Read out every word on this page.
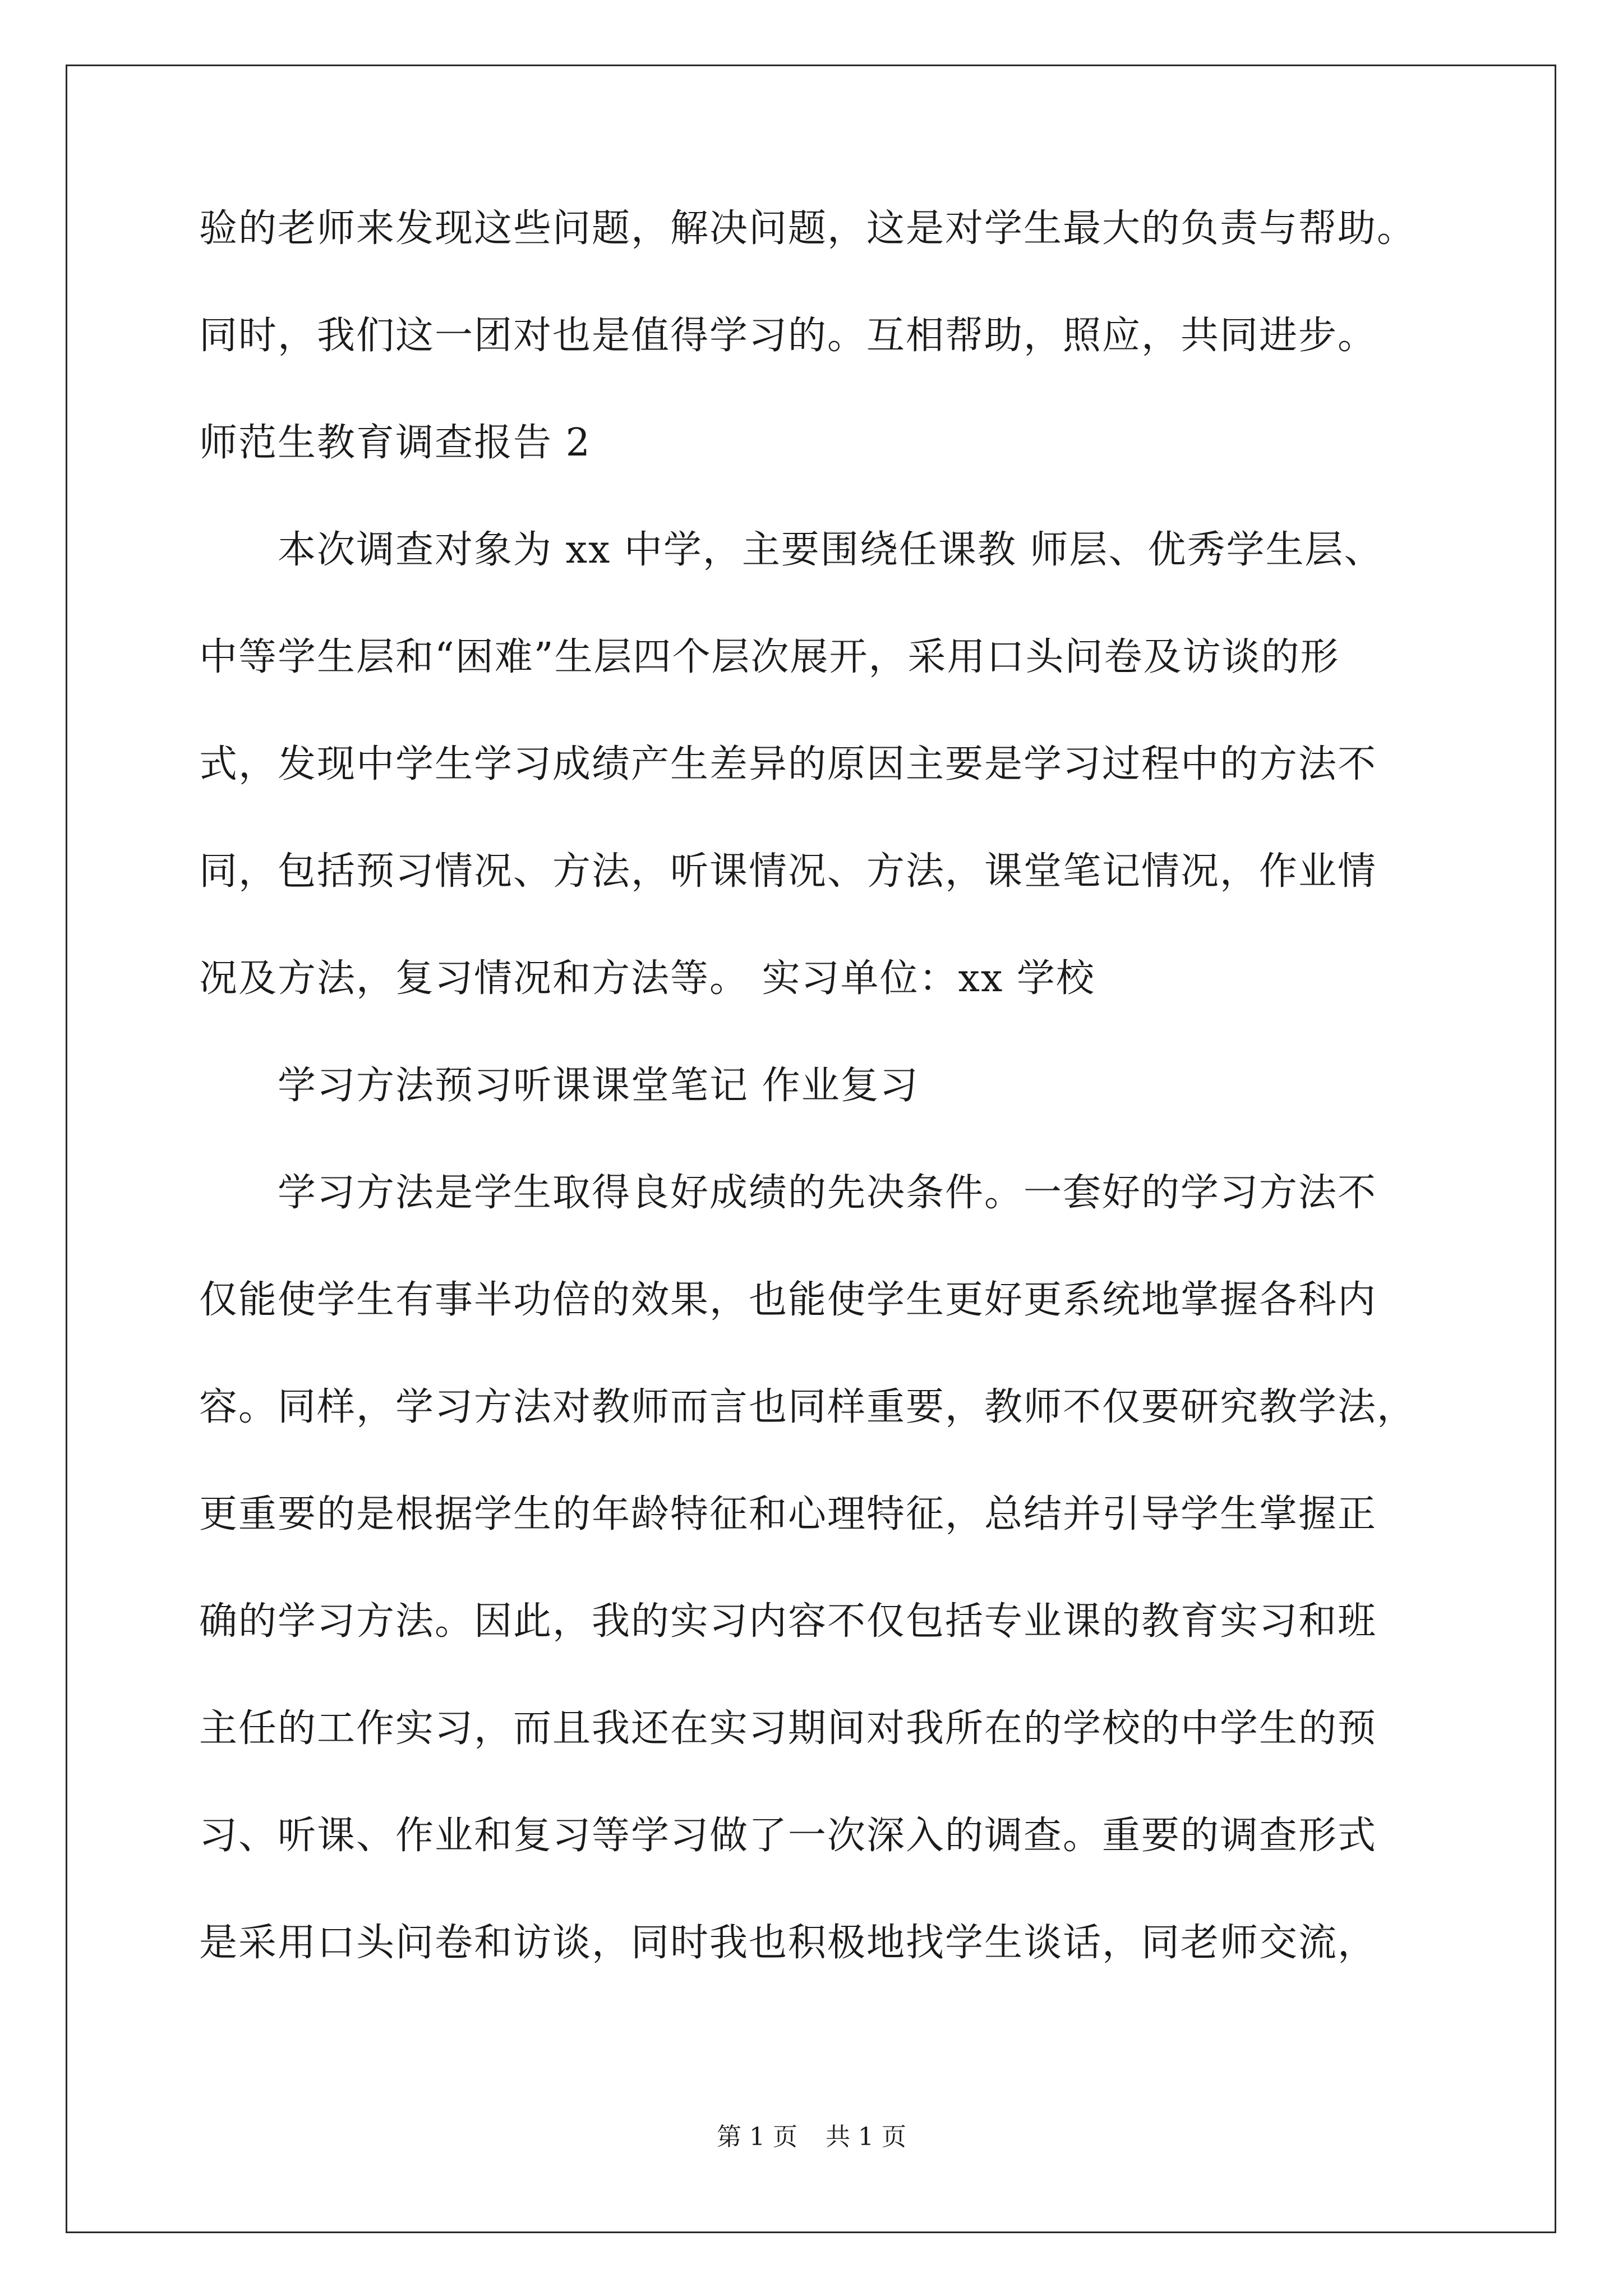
验的老师来发现这些问题，解决问题，这是对学生最大的负责与帮助。
同时，我们这一团对也是值得学习的。互相帮助，照应，共同进步。
师范生教育调查报告 2
　　本次调查对象为 xx 中学，主要围绕任课教 师层、优秀学生层、
中等学生层和“困难”生层四个层次展开，采用口头问卷及访谈的形
式，发现中学生学习成绩产生差异的原因主要是学习过程中的方法不
同，包括预习情况、方法，听课情况、方法，课堂笔记情况，作业情
况及方法，复习情况和方法等。 实习单位：xx 学校
　　学习方法预习听课课堂笔记 作业复习
　　学习方法是学生取得良好成绩的先决条件。一套好的学习方法不
仅能使学生有事半功倍的效果，也能使学生更好更系统地掌握各科内
容。同样，学习方法对教师而言也同样重要，教师不仅要研究教学法，
更重要的是根据学生的年龄特征和心理特征，总结并引导学生掌握正
确的学习方法。因此，我的实习内容不仅包括专业课的教育实习和班
主任的工作实习，而且我还在实习期间对我所在的学校的中学生的预
习、听课、作业和复习等学习做了一次深入的调查。重要的调查形式
是采用口头问卷和访谈，同时我也积极地找学生谈话，同老师交流，
第 1 页 共 1 页
